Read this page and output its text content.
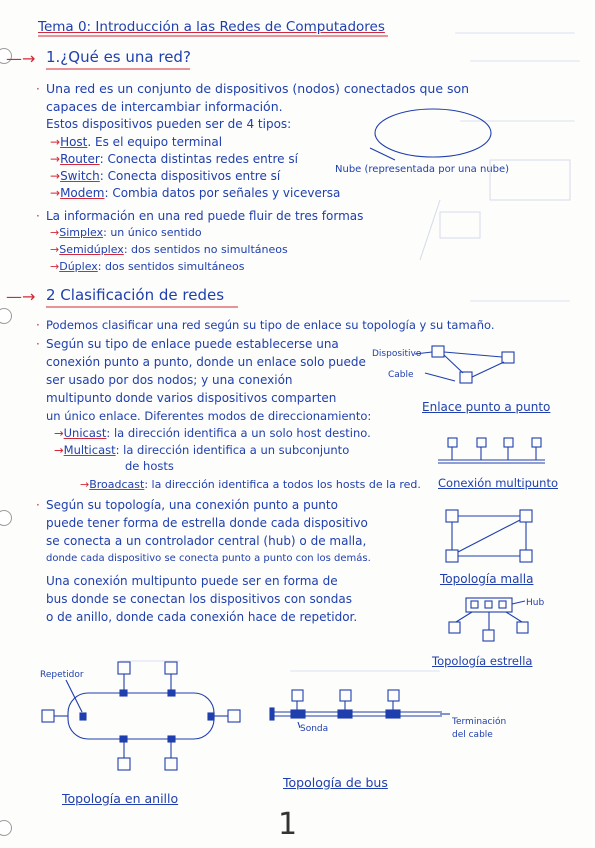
Tema 0: Introducción a las Redes de Computadores
—→ 1.¿Qué es una red?
· Una red es un conjunto de dispositivos (nodos) conectados que son
capaces de intercambiar información.
Estos dispositivos pueden ser de 4 tipos:
→Host. Es el equipo terminal
→Router: Conecta distintas redes entre sí
→Switch: Conecta dispositivos entre sí
→Modem: Combia datos por señales y viceversa
Nube (representada por una nube)
· La información en una red puede fluir de tres formas
→Simplex: un único sentido
→Semidúplex: dos sentidos no simultáneos
→Dúplex: dos sentidos simultáneos
—→ 2 Clasificación de redes
· Podemos clasificar una red según su tipo de enlace su topología y su tamaño.
· Según su tipo de enlace puede establecerse una
conexión punto a punto, donde un enlace solo puede
ser usado por dos nodos; y una conexión
multipunto donde varios dispositivos comparten
un único enlace. Diferentes modos de direccionamiento:
→Unicast: la dirección identifica a un solo host destino.
→Multicast: la dirección identifica a un subconjunto
de hosts
→Broadcast: la dirección identifica a todos los hosts de la red.
· Según su topología, una conexión punto a punto
puede tener forma de estrella donde cada dispositivo
se conecta a un controlador central (hub) o de malla,
donde cada dispositivo se conecta punto a punto con los demás.
Una conexión multipunto puede ser en forma de
bus donde se conectan los dispositivos con sondas
o de anillo, donde cada conexión hace de repetidor.
Dispositivo
Cable
Enlace punto a punto
Conexión multipunto
Topología malla
Hub
Topología estrella
Repetidor
Topología en anillo
Sonda
Terminación
del cable
Topología de bus
1
